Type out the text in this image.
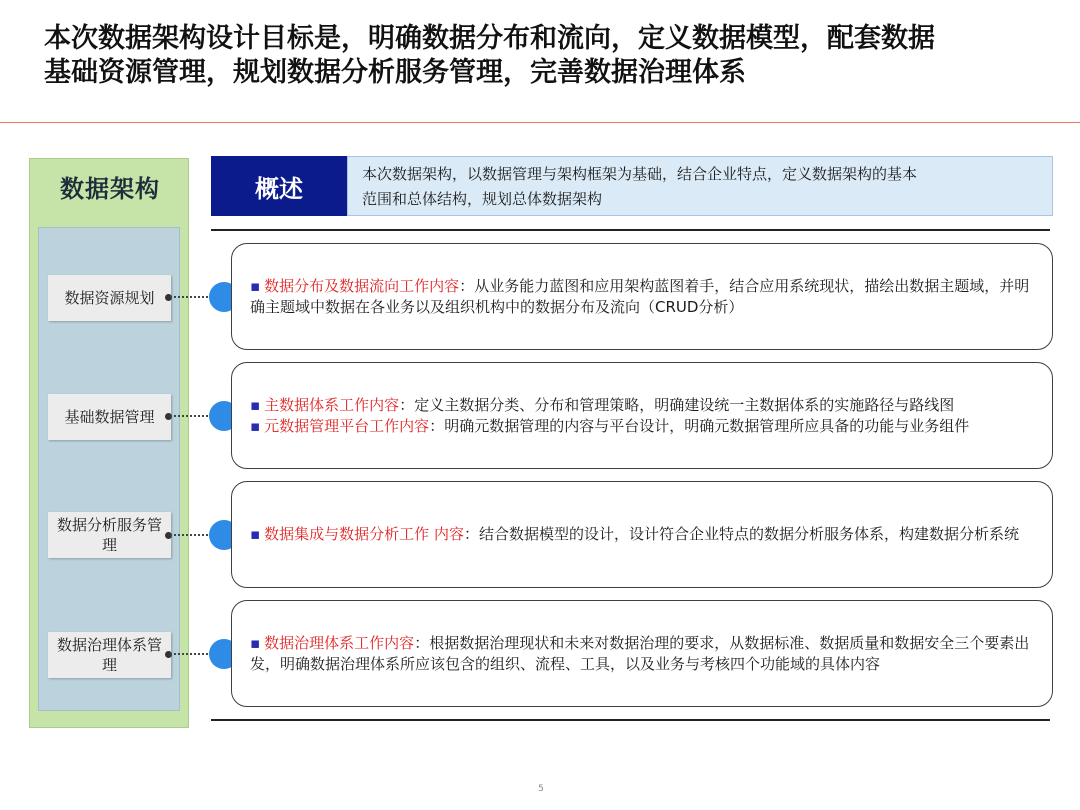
本次数据架构设计目标是，明确数据分布和流向，定义数据模型，配套数据
基础资源管理，规划数据分析服务管理，完善数据治理体系
数据架构
数据资源规划
基础数据管理
数据分析服务管理
数据治理体系管理
概述
本次数据架构，以数据管理与架构框架为基础，结合企业特点，定义数据架构的基本
范围和总体结构，规划总体数据架构

▪ 数据分布及数据流向工作内容：从业务能力蓝图和应用架构蓝图着手，结合应用系统现状，描绘出数据主题域，并明确主题域中数据在各业务以及组织机构中的数据分布及流向（CRUD分析）

▪ 主数据体系工作内容：定义主数据分类、分布和管理策略，明确建设统一主数据体系的实施路径与路线图

▪ 元数据管理平台工作内容：明确元数据管理的内容与平台设计，明确元数据管理所应具备的功能与业务组件

▪ 数据集成与数据分析工作 内容：结合数据模型的设计，设计符合企业特点的数据分析服务体系，构建数据分析系统

▪ 数据治理体系工作内容：根据数据治理现状和未来对数据治理的要求，从数据标准、数据质量和数据安全三个要素出发，明确数据治理体系所应该包含的组织、流程、工具，以及业务与考核四个功能域的具体内容

5
